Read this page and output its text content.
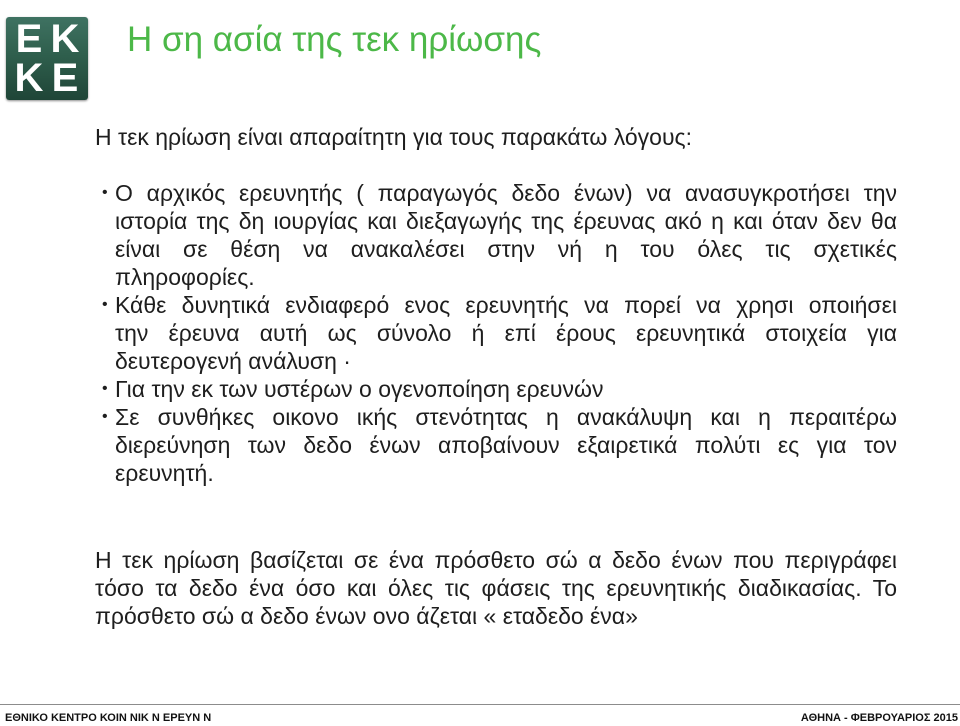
E K
K E
Η ση ασία της τεκ ηρίωσης
Η τεκ ηρίωση είναι απαραίτητη για τους παρακάτω λόγους:
• Ο αρχικός ερευνητής ( παραγωγός δεδο ένων) να ανασυγκροτήσει την
ιστορία της δη ιουργίας και διεξαγωγής της έρευνας ακό η και όταν δεν θα
είναι σε θέση να ανακαλέσει στην νή η του όλες τις σχετικές
πληροφορίες.
• Κάθε δυνητικά ενδιαφερό ενος ερευνητής να πορεί να χρησι οποιήσει
την έρευνα αυτή ως σύνολο ή επί έρους ερευνητικά στοιχεία για
δευτερογενή ανάλυση ·
• Για την εκ των υστέρων ο ογενοποίηση ερευνών
• Σε συνθήκες οικονο ικής στενότητας η ανακάλυψη και η περαιτέρω
διερεύνηση των δεδο ένων αποβαίνουν εξαιρετικά πολύτι ες για τον
ερευνητή.
Η τεκ ηρίωση βασίζεται σε ένα πρόσθετο σώ α δεδο ένων που περιγράφει
τόσο τα δεδο ένα όσο και όλες τις φάσεις της ερευνητικής διαδικασίας. Το
πρόσθετο σώ α δεδο ένων ονο άζεται « εταδεδο ένα»
ΕΘΝΙΚΟ ΚΕΝΤΡΟ ΚΟΙΝ ΝΙΚ Ν ΕΡΕΥΝ Ν	ΑΘΗΝΑ - ΦΕΒΡΟΥΑΡΙΟΣ 2015
